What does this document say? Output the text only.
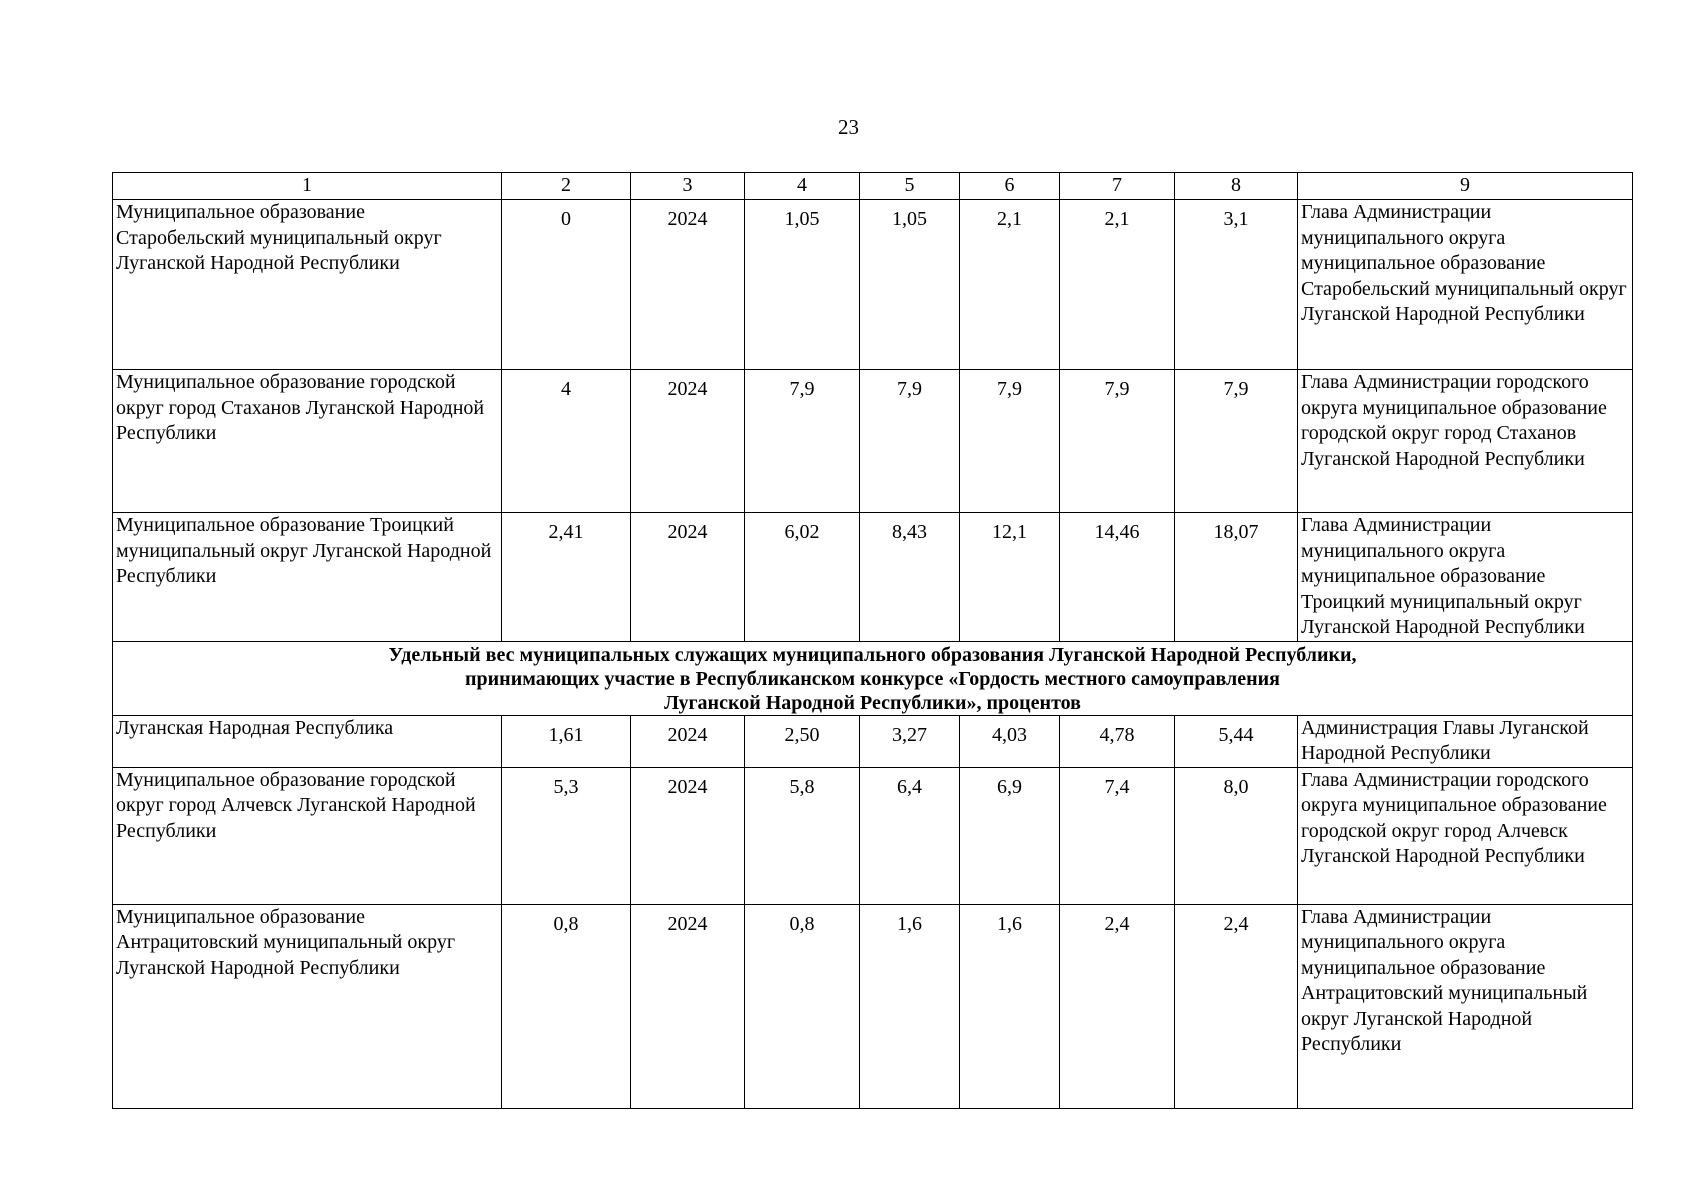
23
1	2	3	4	5	6	7	8	9
Муниципальное образование Старобельский муниципальный округ Луганской Народной Республики	0	2024	1,05	1,05	2,1	2,1	3,1	Глава Администрации муниципального округа муниципальное образование Старобельский муниципальный округ Луганской Народной Республики
Муниципальное образование городской округ город Стаханов Луганской Народной Республики	4	2024	7,9	7,9	7,9	7,9	7,9	Глава Администрации городского округа муниципальное образование городской округ город Стаханов Луганской Народной Республики
Муниципальное образование Троицкий муниципальный округ Луганской Народной Республики	2,41	2024	6,02	8,43	12,1	14,46	18,07	Глава Администрации муниципального округа муниципальное образование Троицкий муниципальный округ Луганской Народной Республики

Удельный вес муниципальных служащих муниципального образования Луганской Народной Республики,
принимающих участие в Республиканском конкурсе «Гордость местного самоуправления
Луганской Народной Республики», процентов								

Луганская Народная Республика	1,61	2024	2,50	3,27	4,03	4,78	5,44	Администрация Главы Луганской Народной Республики
Муниципальное образование городской округ город Алчевск Луганской Народной Республики	5,3	2024	5,8	6,4	6,9	7,4	8,0	Глава Администрации городского округа муниципальное образование городской округ город Алчевск Луганской Народной Республики
Муниципальное образование Антрацитовский муниципальный округ Луганской Народной Республики	0,8	2024	0,8	1,6	1,6	2,4	2,4	Глава Администрации муниципального округа муниципальное образование Антрацитовский муниципальный округ Луганской Народной Республики
